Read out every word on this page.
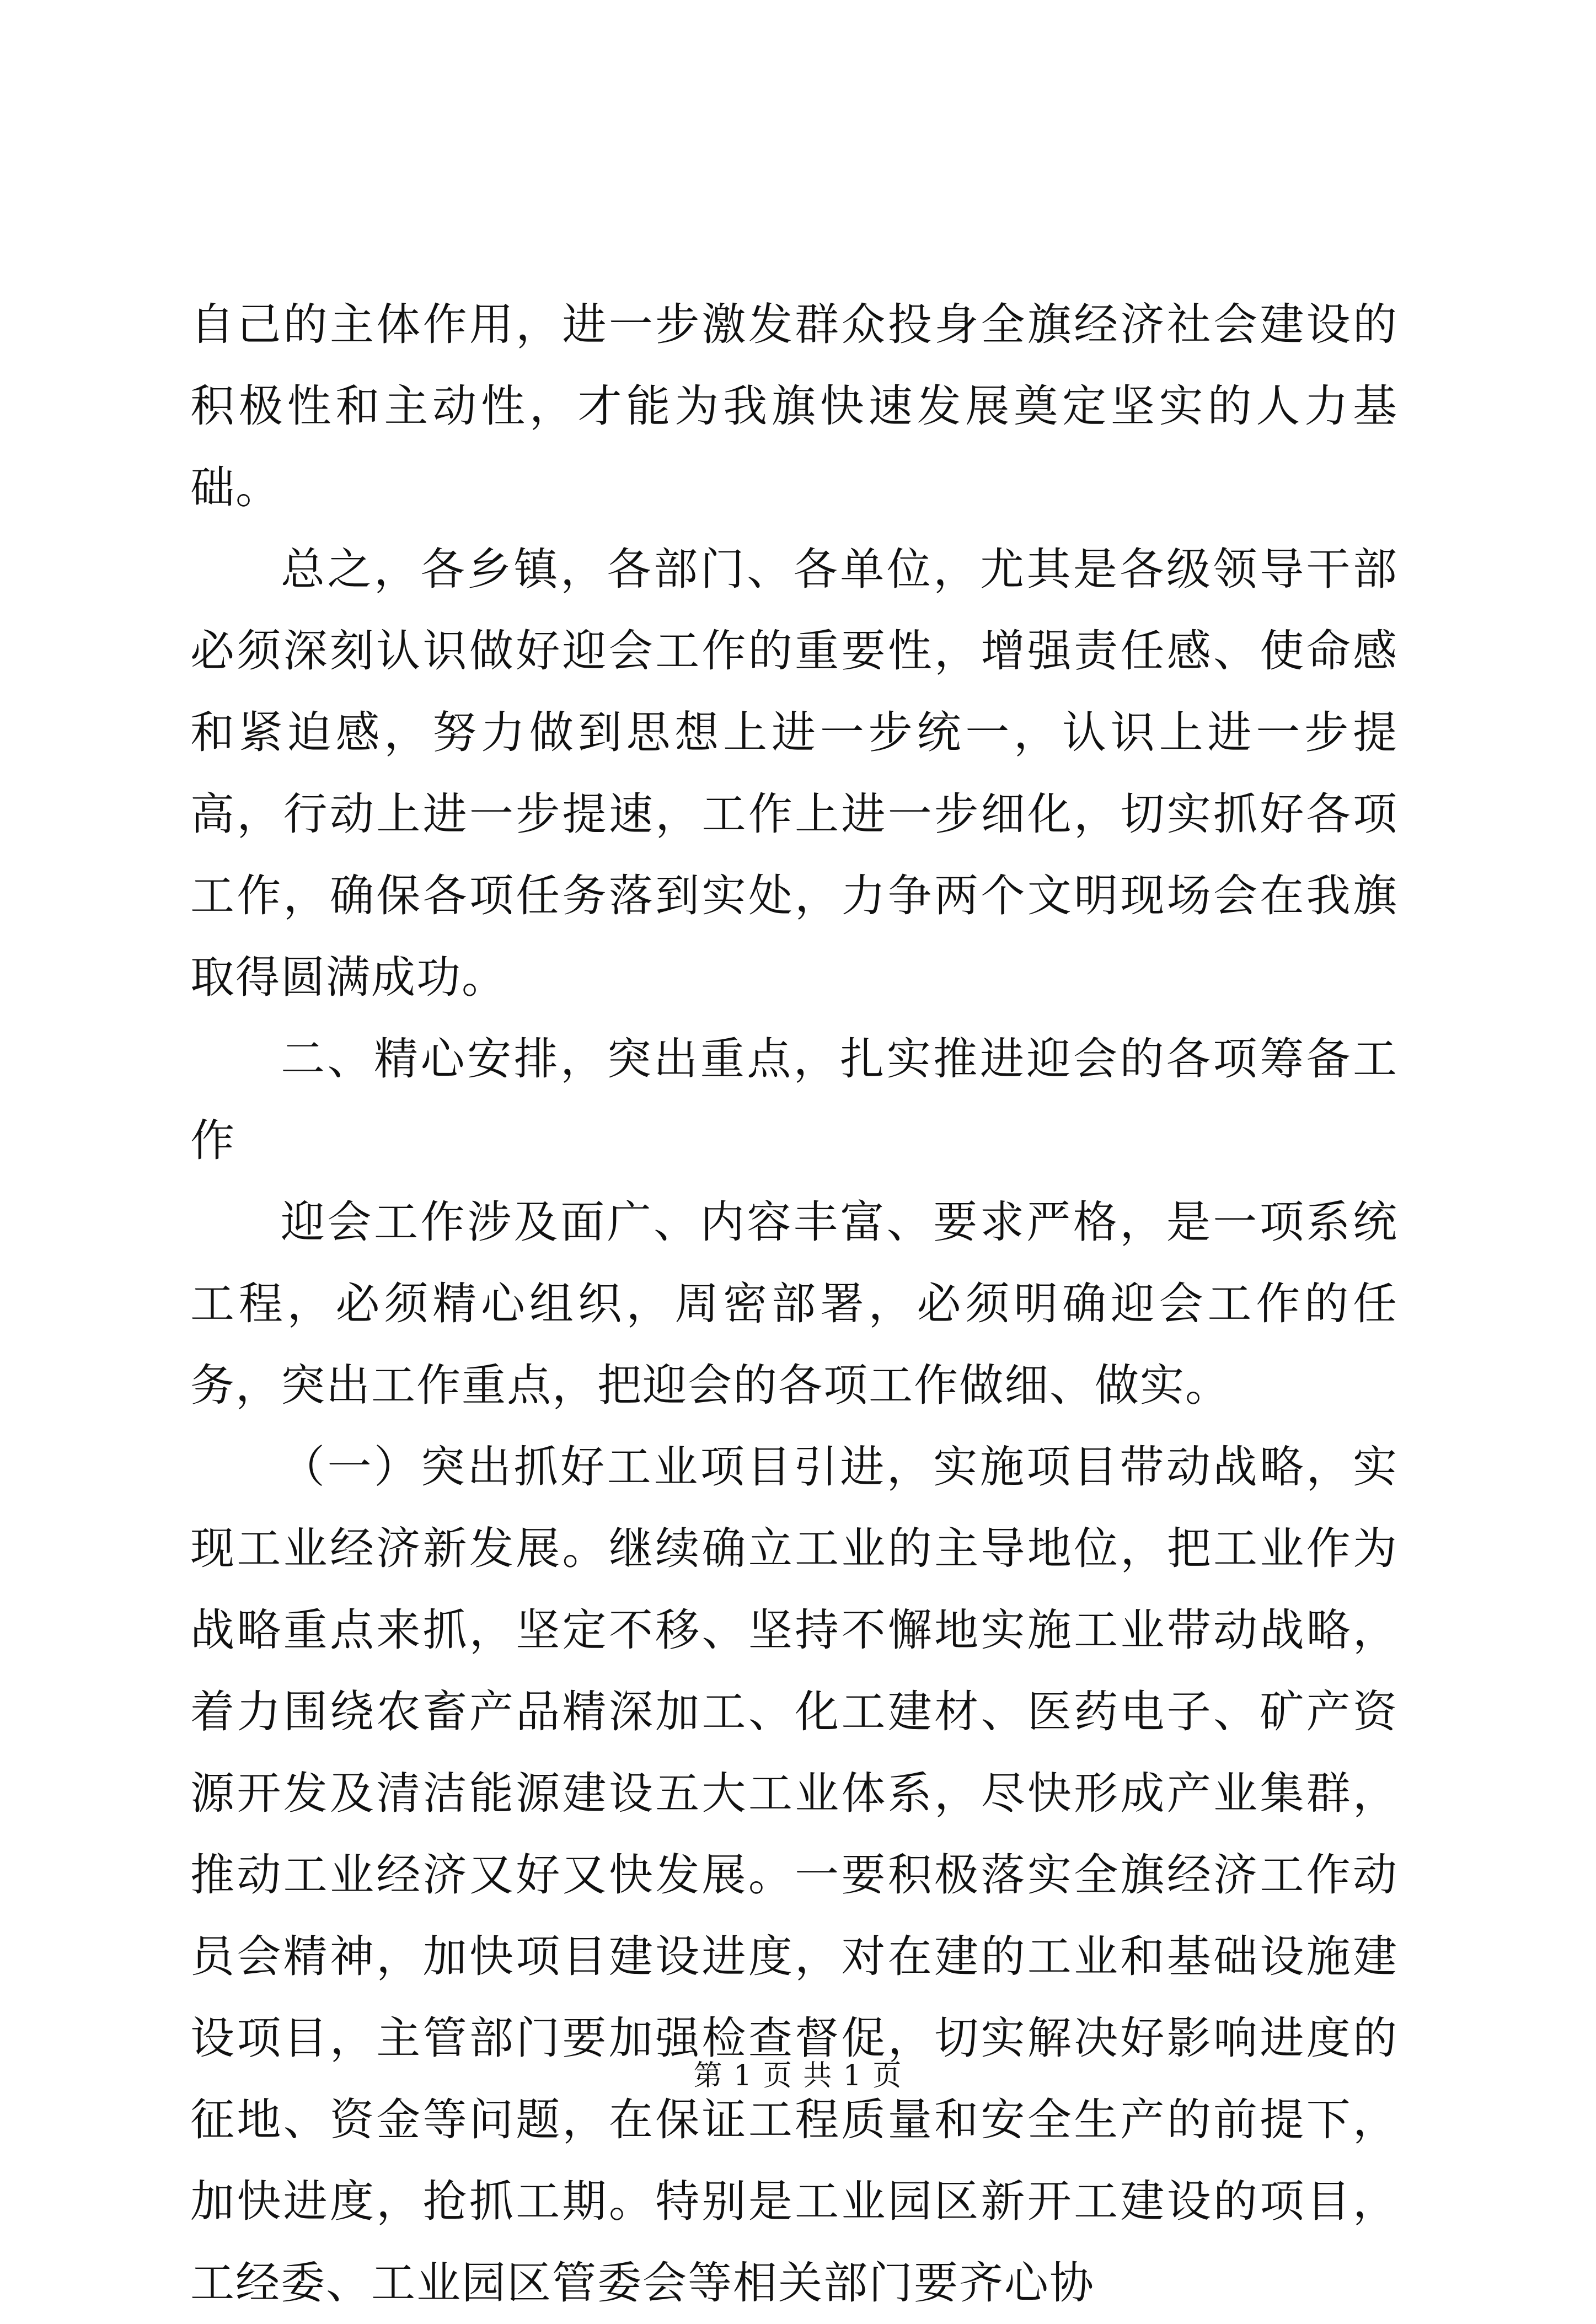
自己的主体作用，进一步激发群众投身全旗经济社会建设的积极性和主动性，才能为我旗快速发展奠定坚实的人力基础。

总之，各乡镇，各部门、各单位，尤其是各级领导干部必须深刻认识做好迎会工作的重要性，增强责任感、使命感和紧迫感，努力做到思想上进一步统一，认识上进一步提高，行动上进一步提速，工作上进一步细化，切实抓好各项工作，确保各项任务落到实处，力争两个文明现场会在我旗取得圆满成功。

二、精心安排，突出重点，扎实推进迎会的各项筹备工作

迎会工作涉及面广、内容丰富、要求严格，是一项系统工程，必须精心组织，周密部署，必须明确迎会工作的任务，突出工作重点，把迎会的各项工作做细、做实。

（一）突出抓好工业项目引进，实施项目带动战略，实现工业经济新发展。继续确立工业的主导地位，把工业作为战略重点来抓，坚定不移、坚持不懈地实施工业带动战略，着力围绕农畜产品精深加工、化工建材、医药电子、矿产资源开发及清洁能源建设五大工业体系，尽快形成产业集群，推动工业经济又好又快发展。一要积极落实全旗经济工作动员会精神，加快项目建设进度，对在建的工业和基础设施建设项目，主管部门要加强检查督促，切实解决好影响进度的征地、资金等问题，在保证工程质量和安全生产的前提下，加快进度，抢抓工期。特别是工业园区新开工建设的项目，工经委、工业园区管委会等相关部门要齐心协

第 1 页 共 1 页
